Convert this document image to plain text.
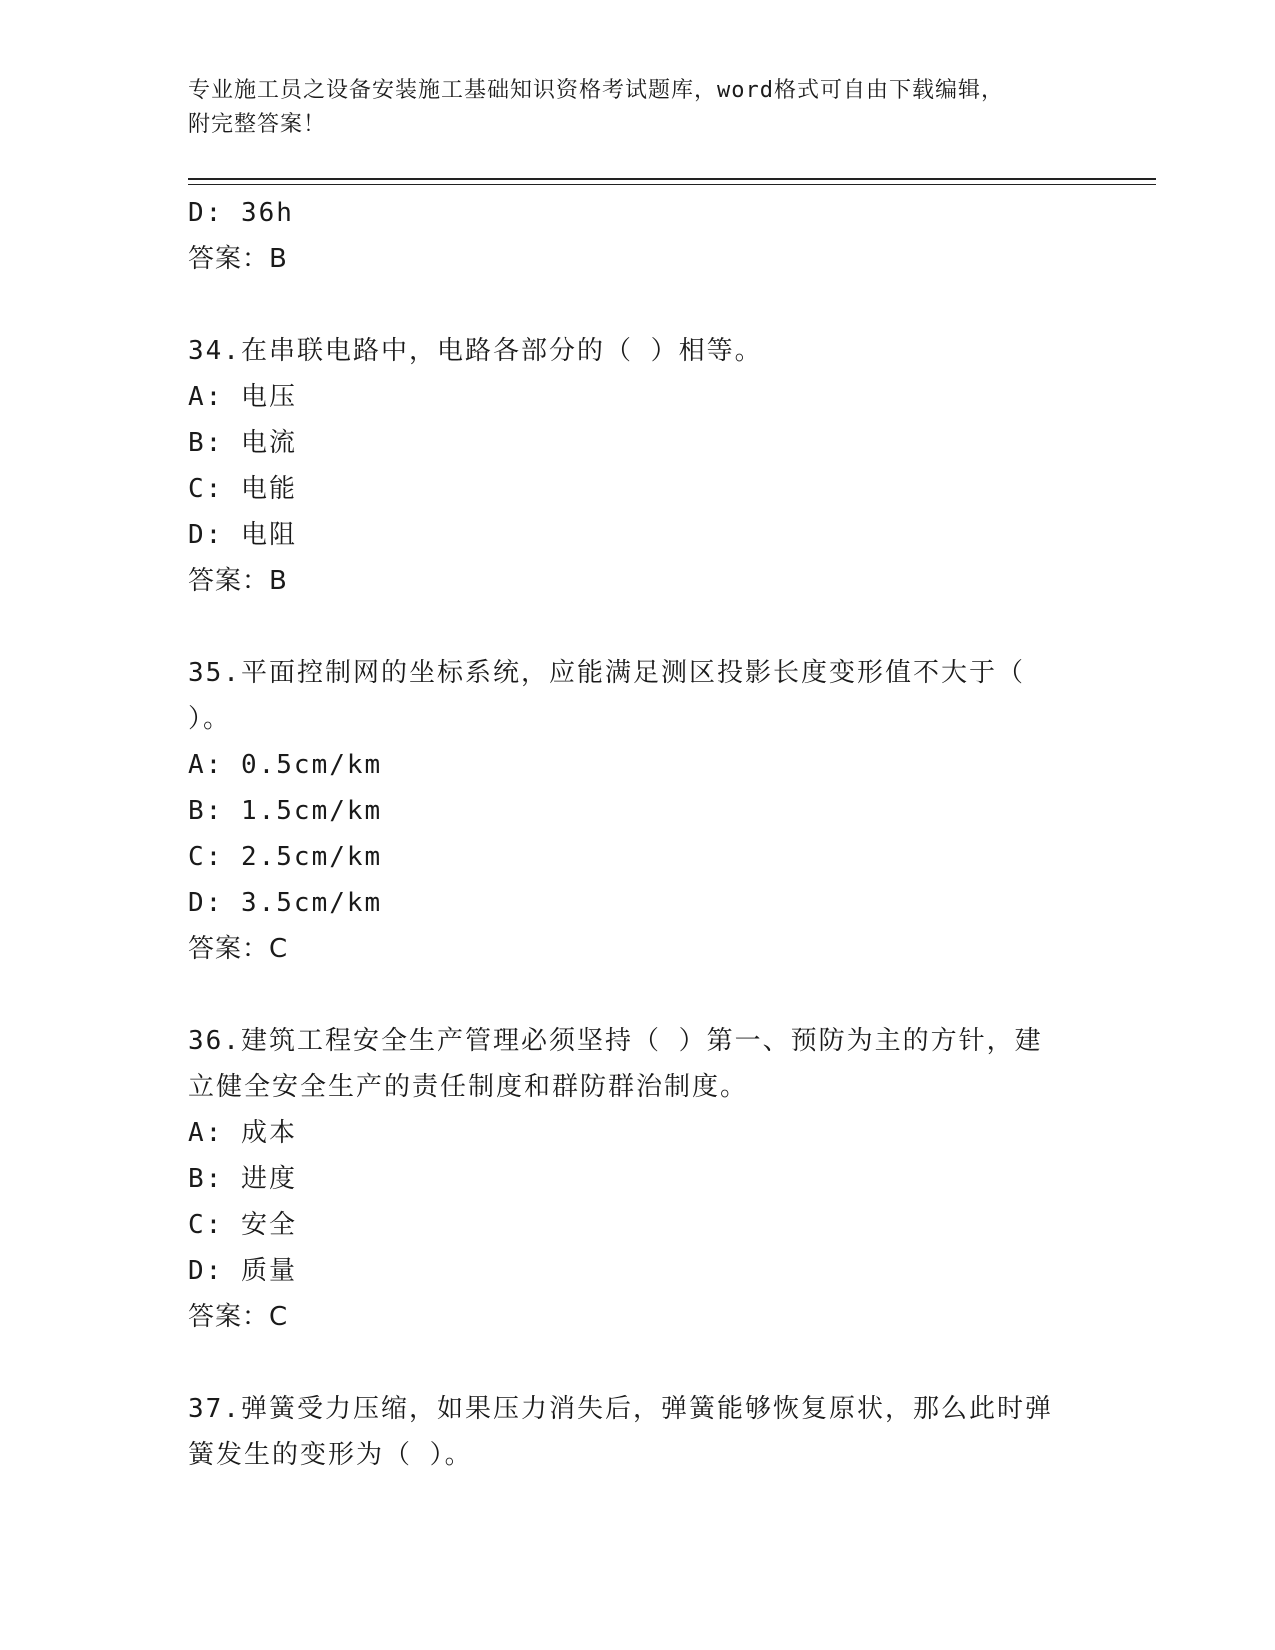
专业施工员之设备安装施工基础知识资格考试题库，word格式可自由下载编辑，
附完整答案！
D: 36h
答案：B
34.在串联电路中，电路各部分的（ ）相等。
A: 电压
B: 电流
C: 电能
D: 电阻
答案：B
35.平面控制网的坐标系统，应能满足测区投影长度变形值不大于（
）。
A: 0.5cm/km
B: 1.5cm/km
C: 2.5cm/km
D: 3.5cm/km
答案：C
36.建筑工程安全生产管理必须坚持（ ）第一、预防为主的方针，建
立健全安全生产的责任制度和群防群治制度。
A: 成本
B: 进度
C: 安全
D: 质量
答案：C
37.弹簧受力压缩，如果压力消失后，弹簧能够恢复原状，那么此时弹
簧发生的变形为（ ）。
